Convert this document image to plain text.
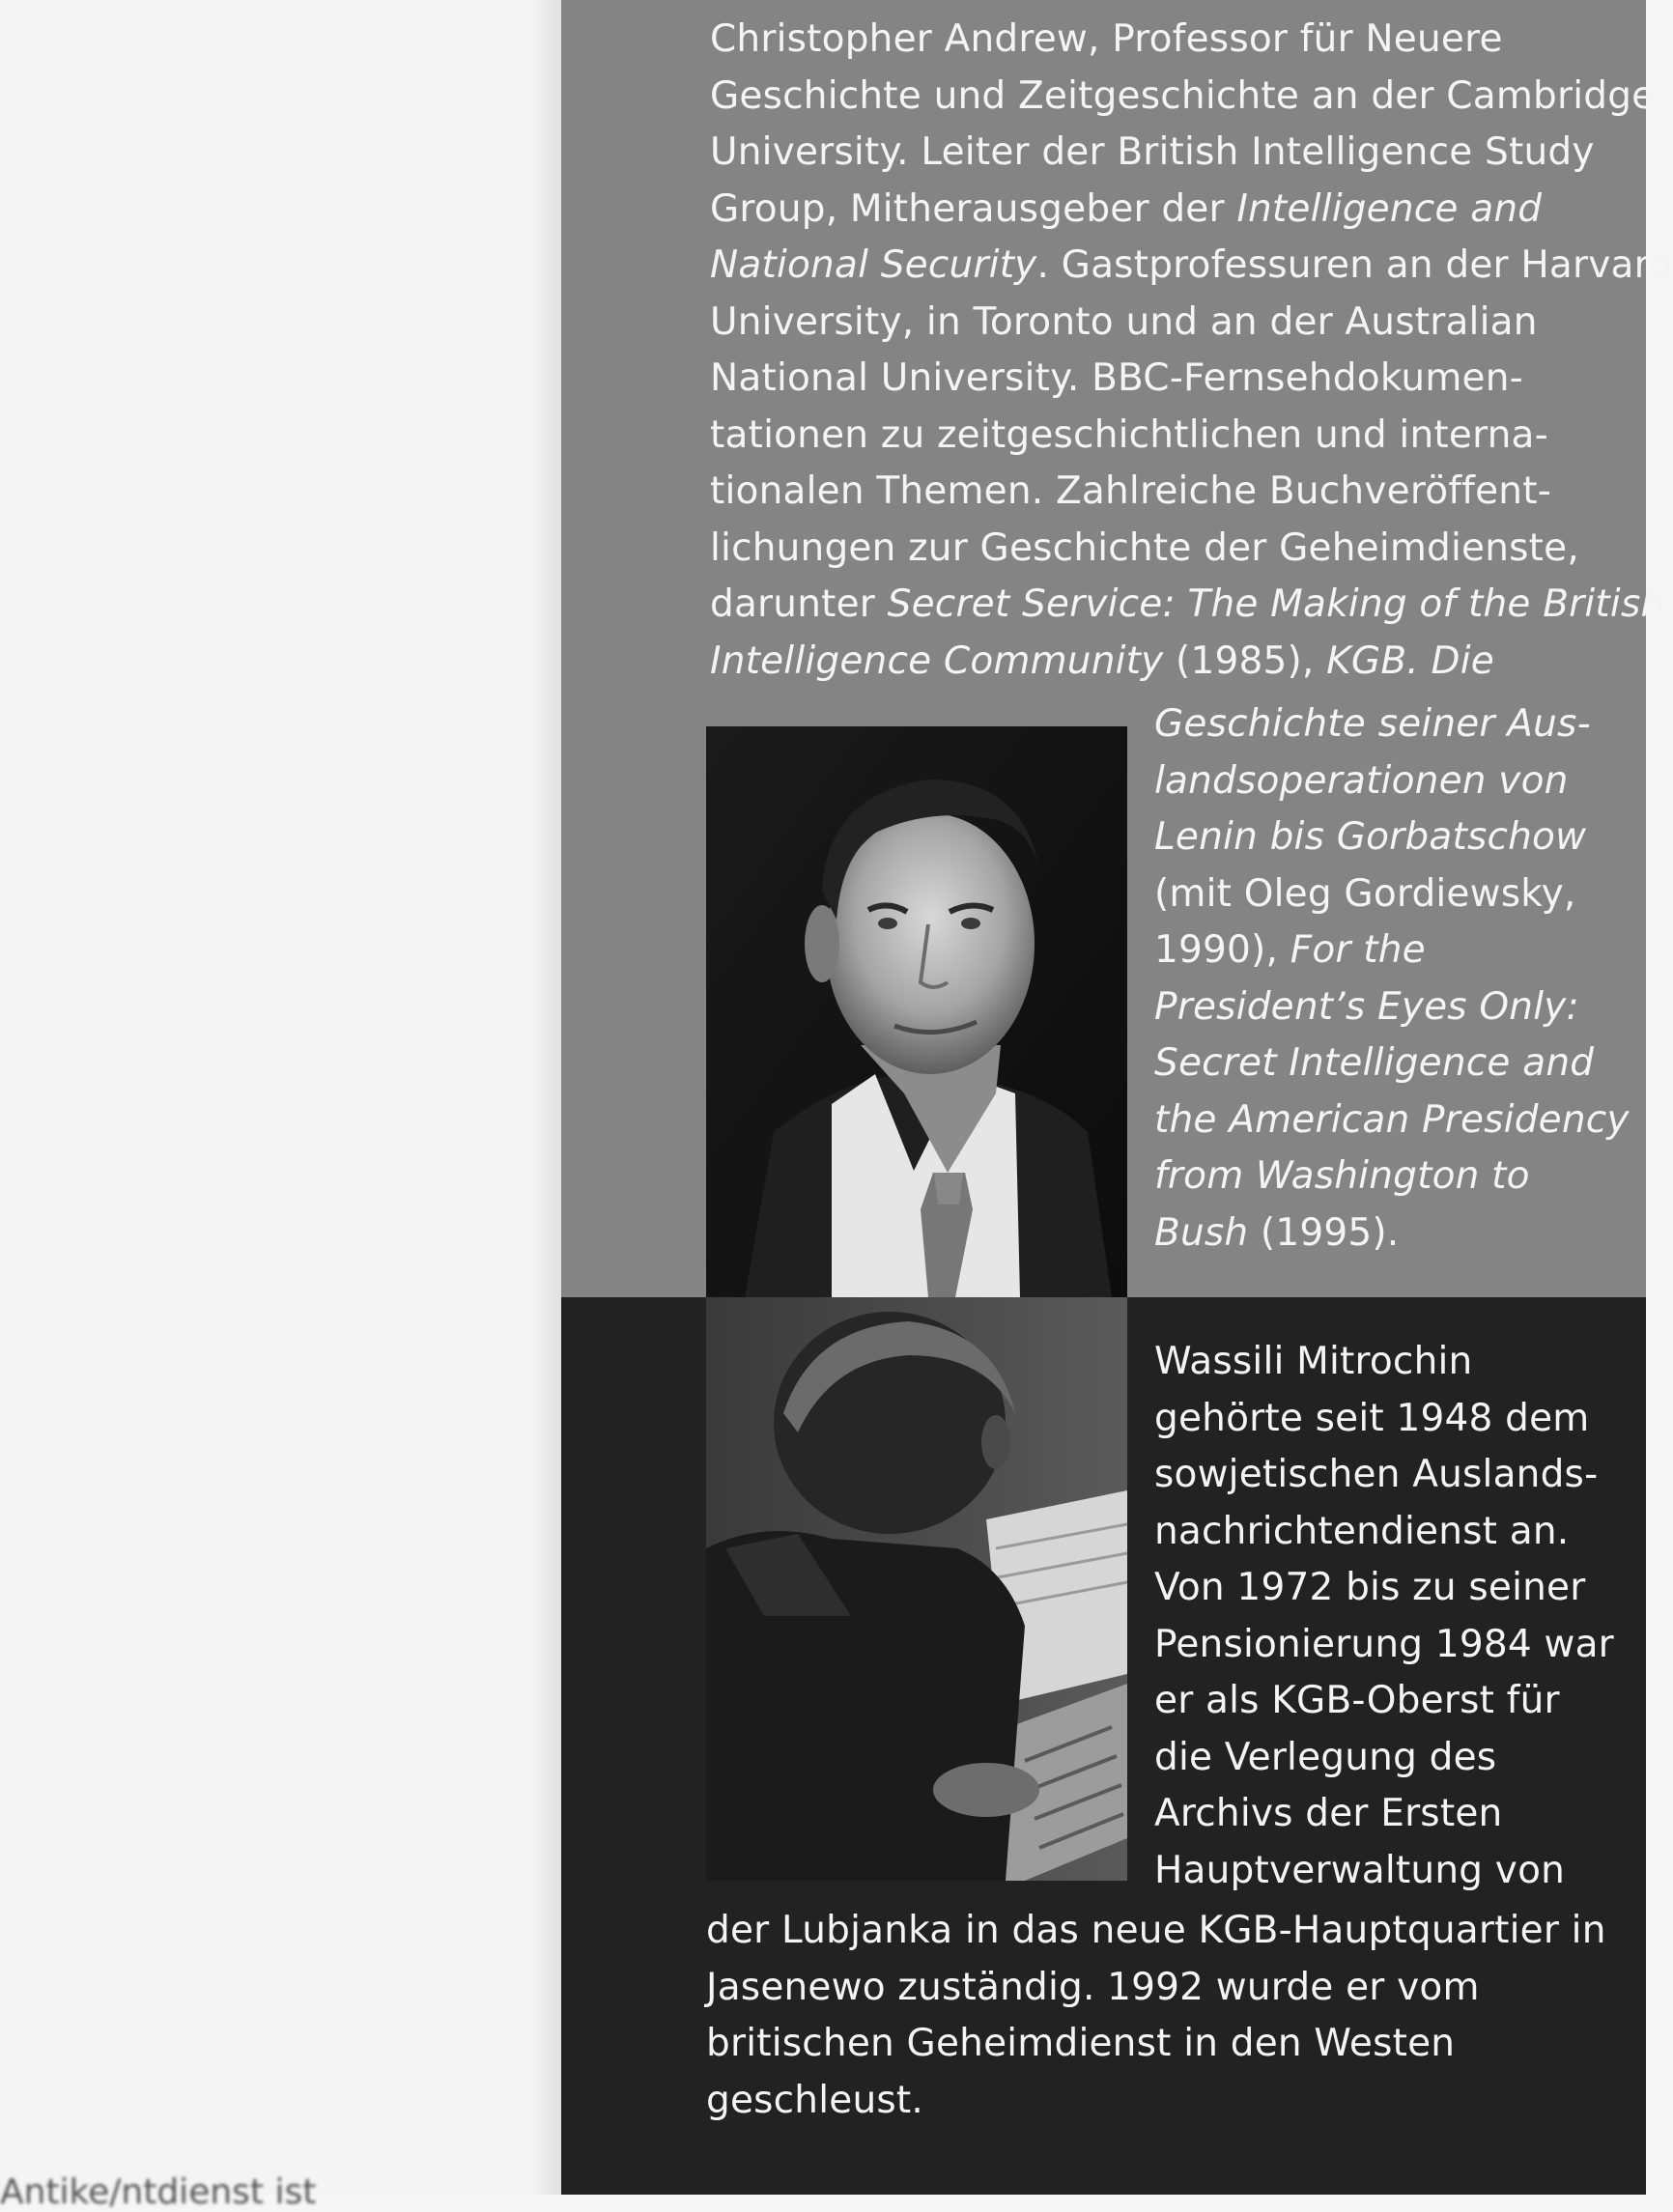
Antike/ntdienst ist
Christopher Andrew, Professor für Neuere
Geschichte und Zeitgeschichte an der Cambridge
University. Leiter der British Intelligence Study
Group, Mitherausgeber der Intelligence and
National Security. Gastprofessuren an der Harvard
University, in Toronto und an der Australian
National University. BBC-Fernsehdokumen-
tationen zu zeitgeschichtlichen und interna-
tionalen Themen. Zahlreiche Buchveröffent-
lichungen zur Geschichte der Geheimdienste,
darunter Secret Service: The Making of the British
Intelligence Community (1985), KGB. Die
Geschichte seiner Aus-
landsoperationen von
Lenin bis Gorbatschow
(mit Oleg Gordiewsky,
1990), For the
President’s Eyes Only:
Secret Intelligence and
the American Presidency
from Washington to
Bush (1995).
Wassili Mitrochin
gehörte seit 1948 dem
sowjetischen Auslands-
nachrichtendienst an.
Von 1972 bis zu seiner
Pensionierung 1984 war
er als KGB-Oberst für
die Verlegung des
Archivs der Ersten
Hauptverwaltung von
der Lubjanka in das neue KGB-Hauptquartier in
Jasenewo zuständig. 1992 wurde er vom
britischen Geheimdienst in den Westen
geschleust.
